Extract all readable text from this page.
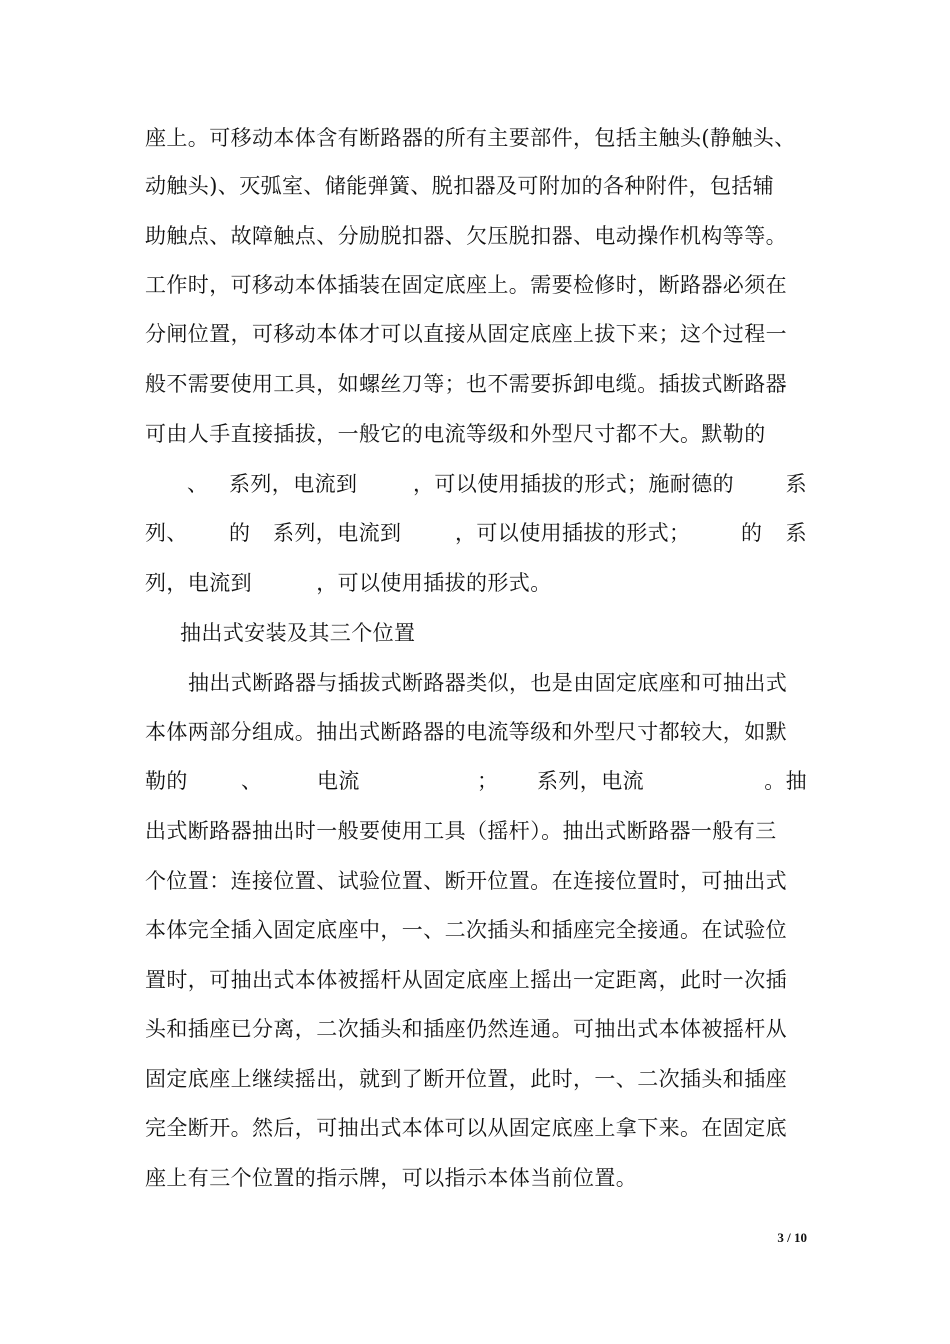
座上。可移动本体含有断路器的所有主要部件，包括主触头(静触头、
动触头)、灭弧室、储能弹簧、脱扣器及可附加的各种附件，包括辅
助触点、故障触点、分励脱扣器、欠压脱扣器、电动操作机构等等。
工作时，可移动本体插装在固定底座上。需要检修时，断路器必须在
分闸位置，可移动本体才可以直接从固定底座上拔下来；这个过程一
般不需要使用工具，如螺丝刀等；也不需要拆卸电缆。插拔式断路器
可由人手直接插拔，一般它的电流等级和外型尺寸都不大。默勒的
、 系列，电流到	，可以使用插拔的形式；施耐德的 系
列、 的 系列，电流到	，可以使用插拔的形式； 的 系
列，电流到　　　，可以使用插拔的形式。
抽出式安装及其三个位置
抽出式断路器与插拔式断路器类似，也是由固定底座和可抽出式
本体两部分组成。抽出式断路器的电流等级和外型尺寸都较大，如默
勒的	、	电流	； 系列，电流	。抽
出式断路器抽出时一般要使用工具（摇杆）。抽出式断路器一般有三
个位置：连接位置、试验位置、断开位置。在连接位置时，可抽出式
本体完全插入固定底座中，一、二次插头和插座完全接通。在试验位
置时，可抽出式本体被摇杆从固定底座上摇出一定距离，此时一次插
头和插座已分离，二次插头和插座仍然连通。可抽出式本体被摇杆从
固定底座上继续摇出，就到了断开位置，此时，一、二次插头和插座
完全断开。然后，可抽出式本体可以从固定底座上拿下来。在固定底
座上有三个位置的指示牌，可以指示本体当前位置。
3 / 10
